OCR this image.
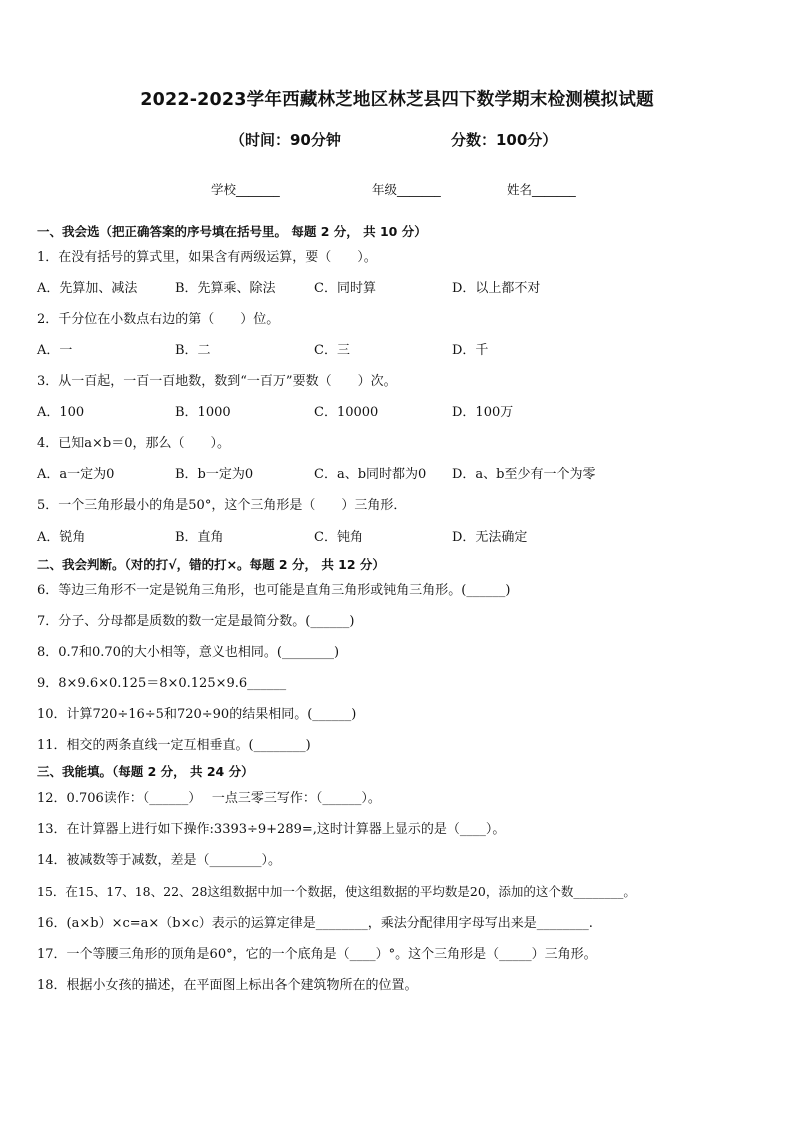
2022-2023学年西藏林芝地区林芝县四下数学期末检测模拟试题
（时间：90分钟	分数：100分）
学校_______	年级_______	姓名_______
一、我会选（把正确答案的序号填在括号里。 每题 2 分， 共 10 分）
1．在没有括号的算式里，如果含有两级运算，要（　　）。
A．先算加、减法	B．先算乘、除法	C．同时算	D．以上都不对
2．千分位在小数点右边的第（　　）位。
A．一	B．二	C．三	D．千
3．从一百起，一百一百地数，数到“一百万”要数（　　）次。
A．100	B．1000	C．10000	D．100万
4．已知a×b＝0，那么（　　）。
A．a一定为0	B．b一定为0	C．a、b同时都为0 D．a、b至少有一个为零
5．一个三角形最小的角是50°，这个三角形是（　　）三角形．
A．锐角	B．直角	C．钝角	D．无法确定
二、我会判断。（对的打√，错的打×。每题 2 分， 共 12 分）
6．等边三角形不一定是锐角三角形，也可能是直角三角形或钝角三角形。(______)
7．分子、分母都是质数的数一定是最简分数。(______)
8．0.7和0.70的大小相等，意义也相同。(________)
9．8×9.6×0.125＝8×0.125×9.6______
10．计算720÷16÷5和720÷90的结果相同。(______)
11．相交的两条直线一定互相垂直。(________)
三、我能填。（每题 2 分， 共 24 分）
12．0.706读作：（______）　 一点三零三写作：（______）。
13．在计算器上进行如下操作:3393÷9+289=,这时计算器上显示的是（____）。
14．被减数等于减数，差是（________）。
15．在15、17、18、22、28这组数据中加一个数据，使这组数据的平均数是20，添加的这个数________。
16．(a×b）×c=a×（b×c）表示的运算定律是________，乘法分配律用字母写出来是________.
17．一个等腰三角形的顶角是60°，它的一个底角是（____）°。这个三角形是（_____）三角形。
18．根据小女孩的描述，在平面图上标出各个建筑物所在的位置。
